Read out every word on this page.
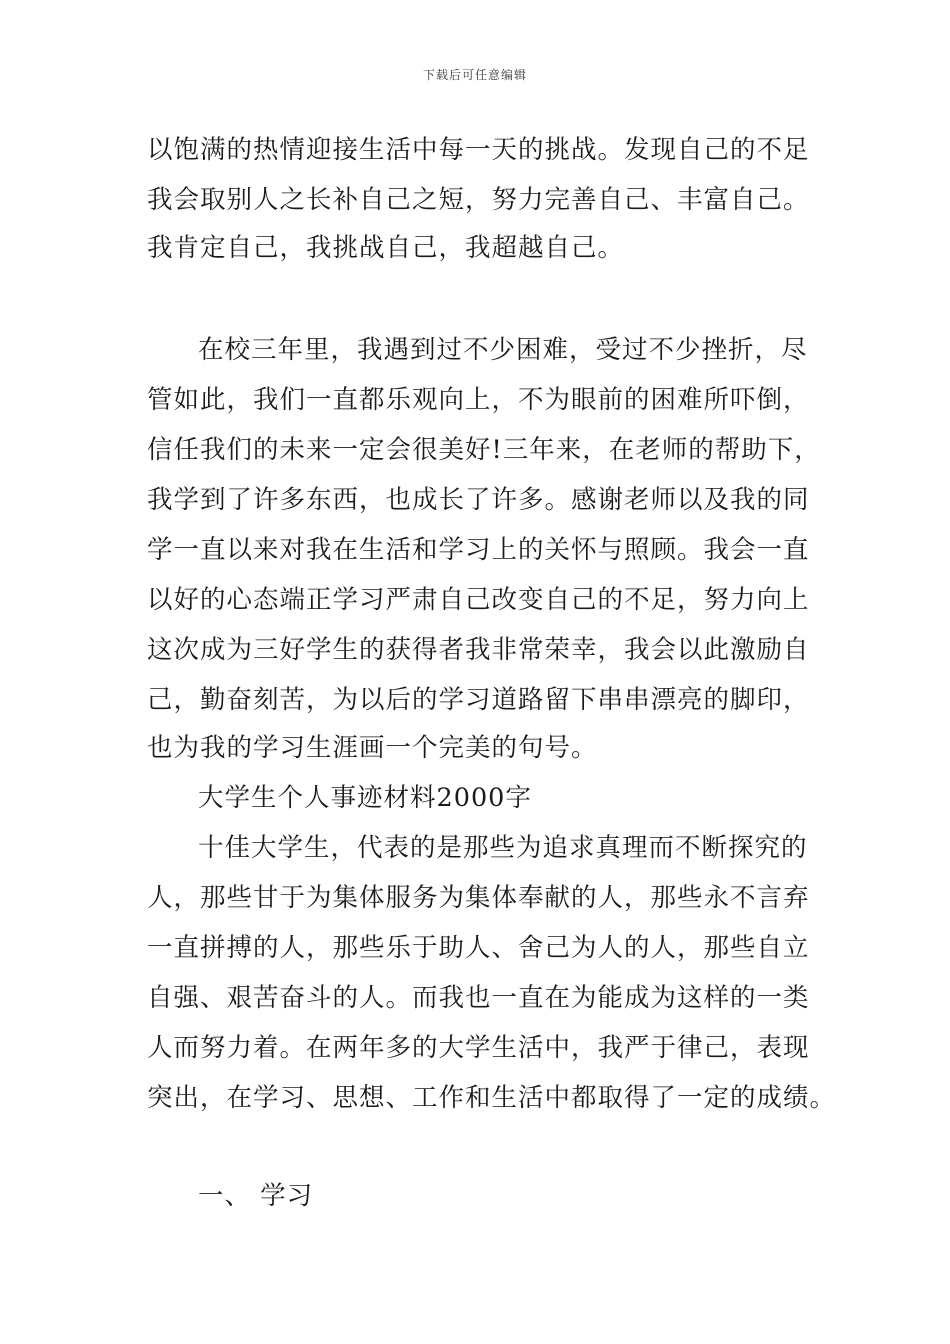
下载后可任意编辑
以饱满的热情迎接生活中每一天的挑战。发现自己的不足
我会取别人之长补自己之短，努力完善自己、丰富自己。
我肯定自己，我挑战自己，我超越自己。
在校三年里，我遇到过不少困难，受过不少挫折，尽
管如此，我们一直都乐观向上，不为眼前的困难所吓倒，
信任我们的未来一定会很美好!三年来，在老师的帮助下，
我学到了许多东西，也成长了许多。感谢老师以及我的同
学一直以来对我在生活和学习上的关怀与照顾。我会一直
以好的心态端正学习严肃自己改变自己的不足，努力向上
这次成为三好学生的获得者我非常荣幸，我会以此激励自
己，勤奋刻苦，为以后的学习道路留下串串漂亮的脚印，
也为我的学习生涯画一个完美的句号。
大学生个人事迹材料2000字
十佳大学生，代表的是那些为追求真理而不断探究的
人，那些甘于为集体服务为集体奉献的人，那些永不言弃
一直拼搏的人，那些乐于助人、舍己为人的人，那些自立
自强、艰苦奋斗的人。而我也一直在为能成为这样的一类
人而努力着。在两年多的大学生活中，我严于律己，表现
突出，在学习、思想、工作和生活中都取得了一定的成绩。
一、 学习
